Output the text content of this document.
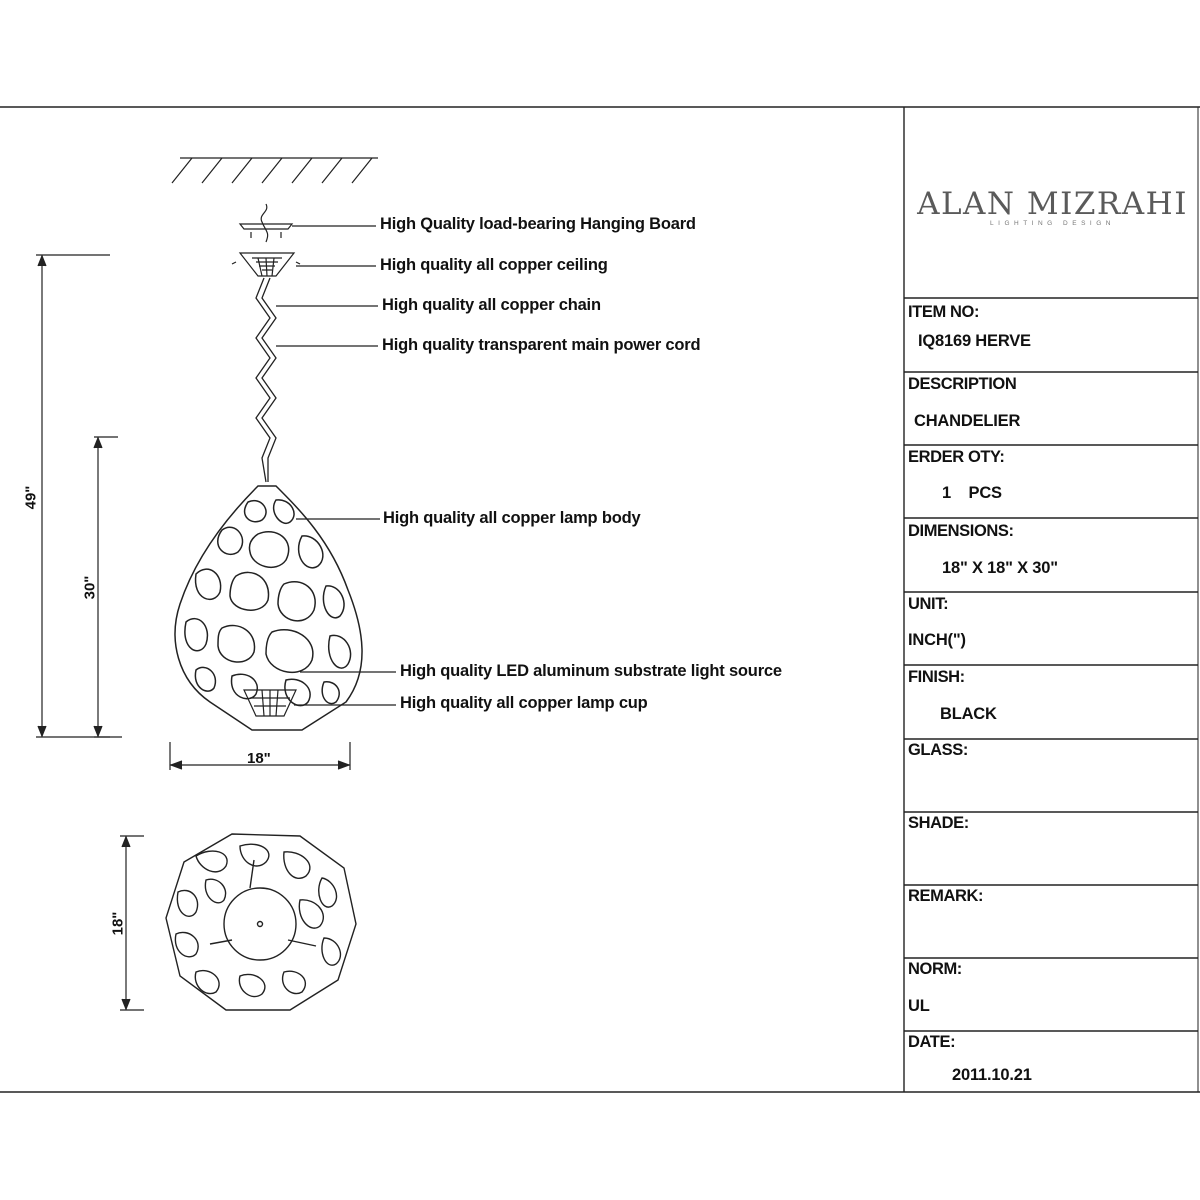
ALAN MIZRAHI
LIGHTING DESIGN
High Quality load-bearing Hanging Board
High quality all copper ceiling
High quality all copper chain
High quality transparent main power cord
High quality all copper lamp body
High quality LED aluminum substrate light source
High quality all copper lamp cup
49"
30"
18"
18"
ITEM NO:
IQ8169 HERVE
DESCRIPTION
CHANDELIER
ERDER OTY:
1    PCS
DIMENSIONS:
18" X 18" X 30"
UNIT:
INCH(")
FINISH:
BLACK
GLASS:
SHADE:
REMARK:
NORM:
UL
DATE:
2011.10.21
